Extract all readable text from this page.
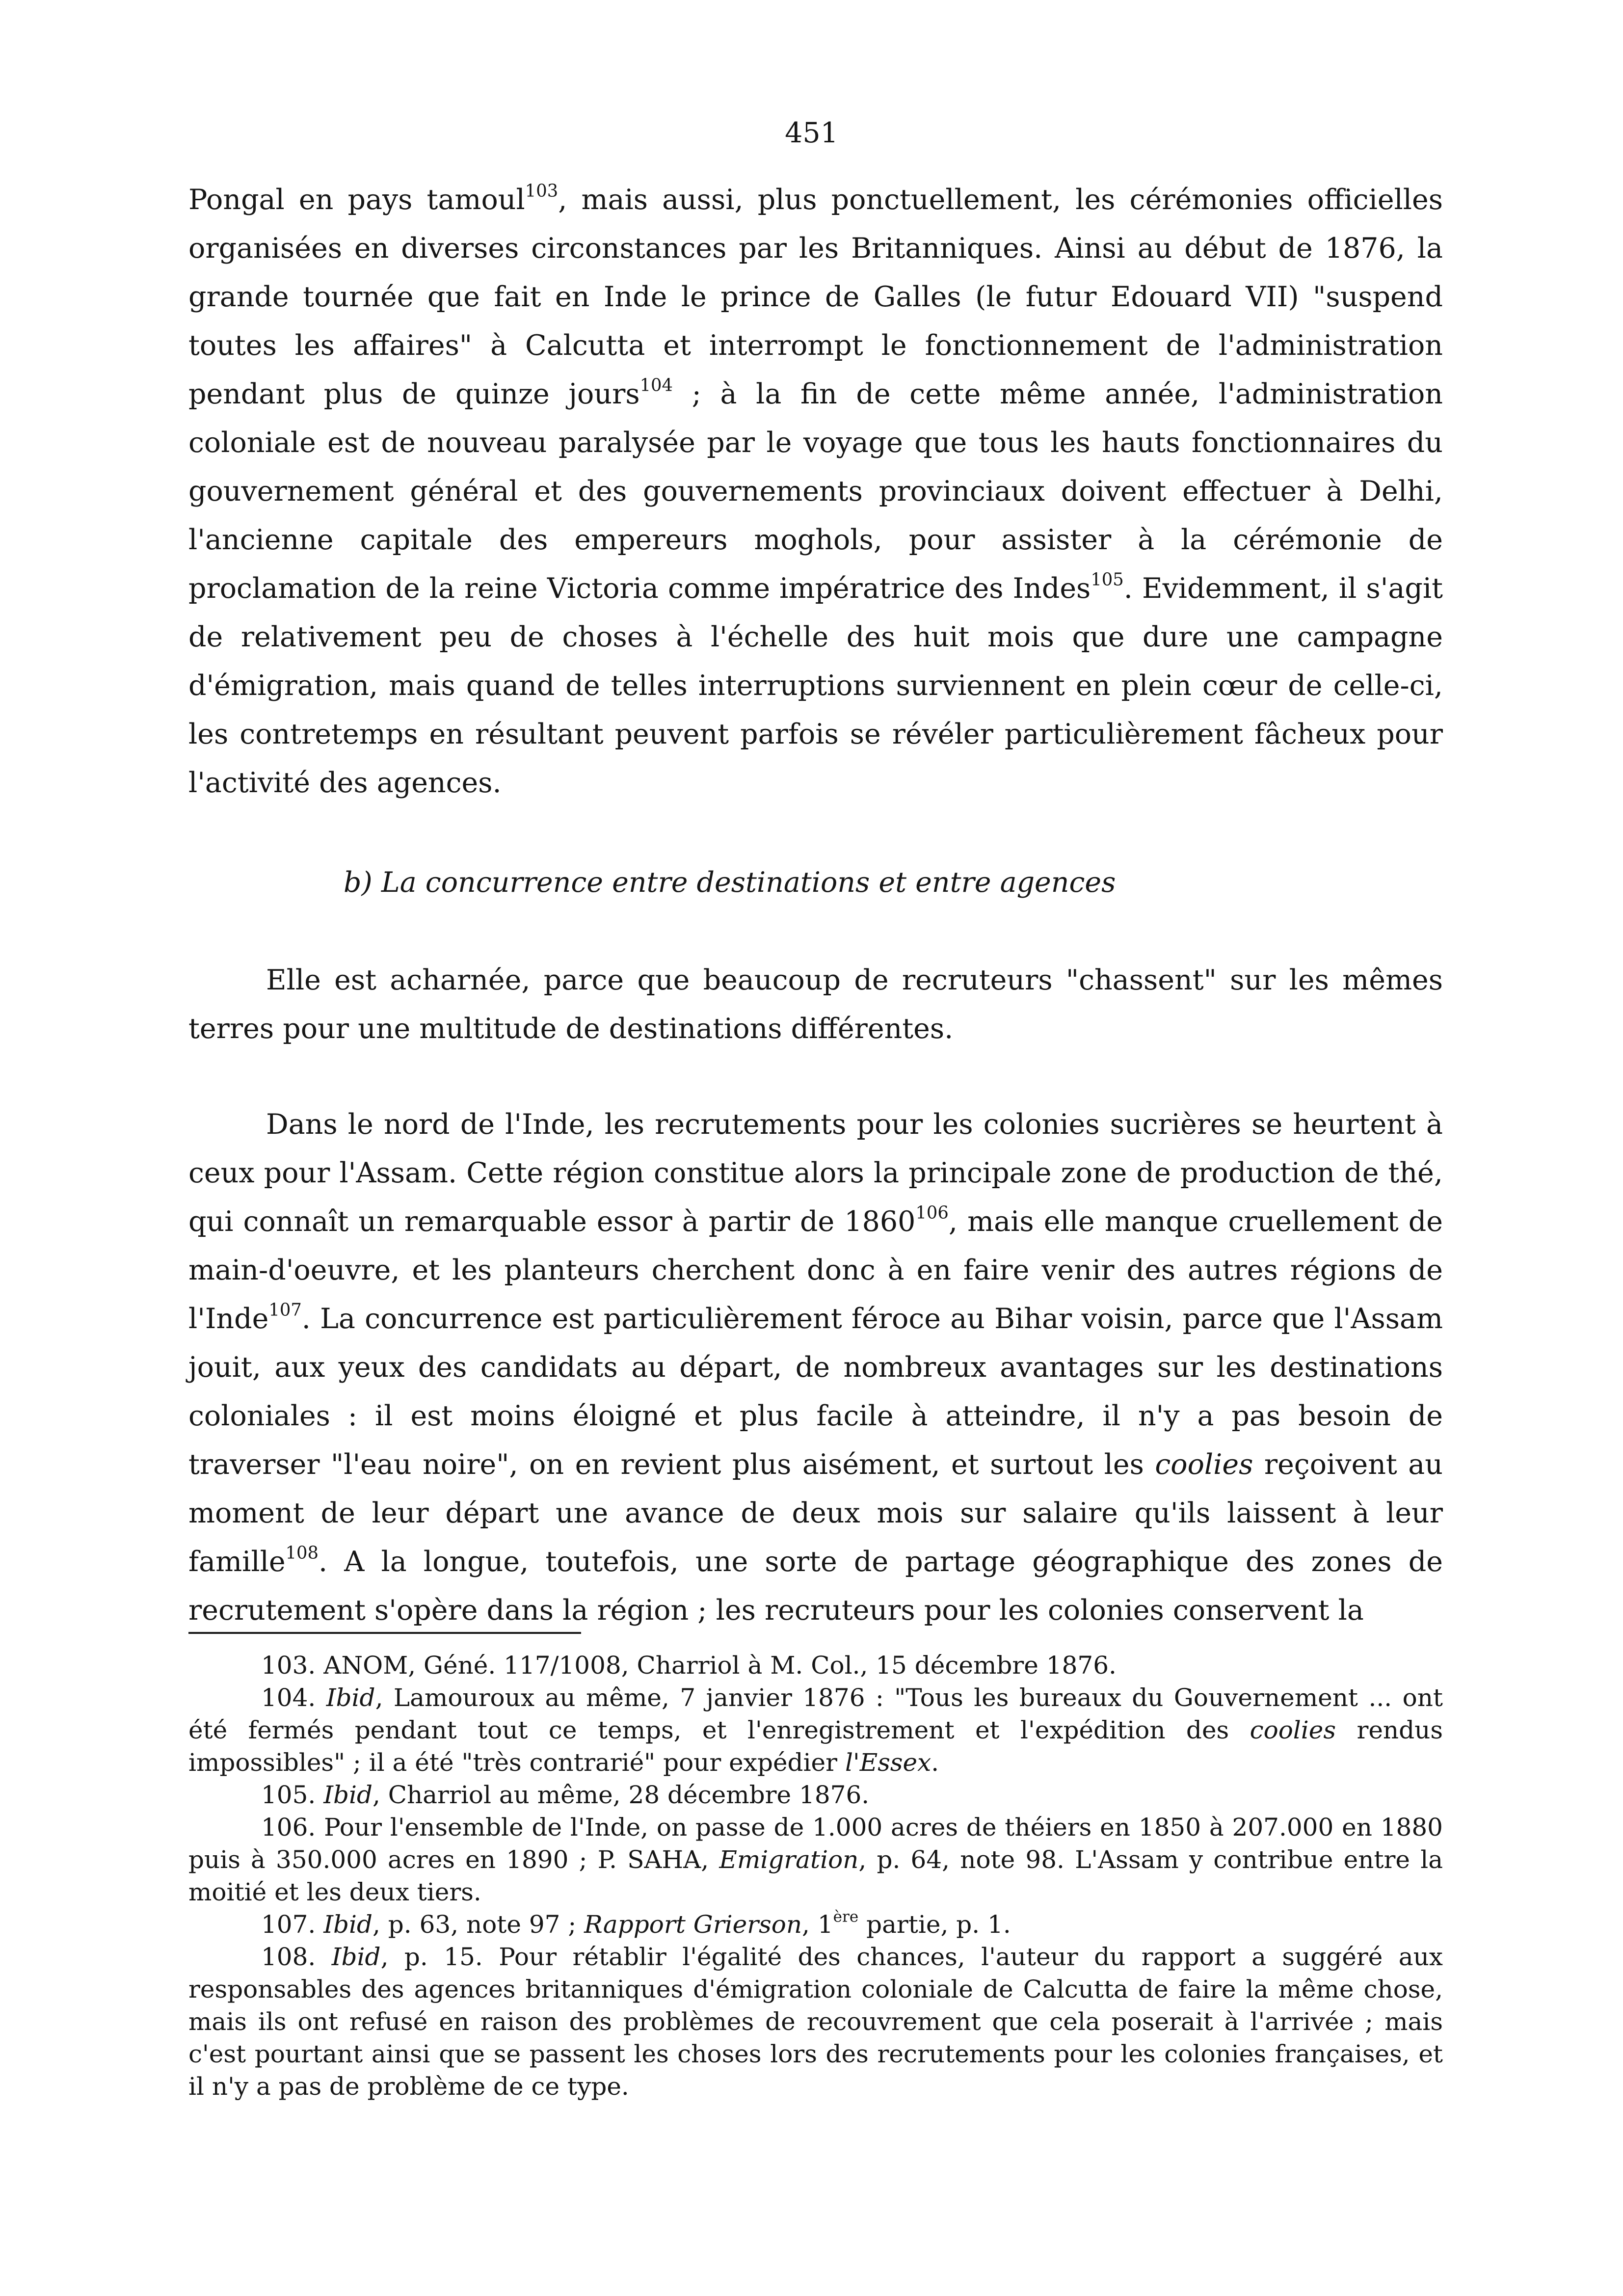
451
Pongal en pays tamoul$^{103}$, mais aussi, plus ponctuellement, les cérémonies officielles organisées en diverses circonstances par les Britanniques. Ainsi au début de 1876, la grande tournée que fait en Inde le prince de Galles (le futur Edouard VII) "suspend toutes les affaires" à Calcutta et interrompt le fonctionnement de l'administration pendant plus de quinze jours$^{104}$ ; à la fin de cette même année, l'administration coloniale est de nouveau paralysée par le voyage que tous les hauts fonctionnaires du gouvernement général et des gouvernements provinciaux doivent effectuer à Delhi, l'ancienne capitale des empereurs moghols, pour assister à la cérémonie de proclamation de la reine Victoria comme impératrice des Indes$^{105}$. Evidemment, il s'agit de relativement peu de choses à l'échelle des huit mois que dure une campagne d'émigration, mais quand de telles interruptions surviennent en plein cœur de celle-ci, les contretemps en résultant peuvent parfois se révéler particulièrement fâcheux pour l'activité des agences.
b) La concurrence entre destinations et entre agences
Elle est acharnée, parce que beaucoup de recruteurs "chassent" sur les mêmes terres pour une multitude de destinations différentes.
Dans le nord de l'Inde, les recrutements pour les colonies sucrières se heurtent à ceux pour l'Assam. Cette région constitue alors la principale zone de production de thé, qui connaît un remarquable essor à partir de 1860$^{106}$, mais elle manque cruellement de main-d'oeuvre, et les planteurs cherchent donc à en faire venir des autres régions de l'Inde$^{107}$. La concurrence est particulièrement féroce au Bihar voisin, parce que l'Assam jouit, aux yeux des candidats au départ, de nombreux avantages sur les destinations coloniales : il est moins éloigné et plus facile à atteindre, il n'y a pas besoin de traverser "l'eau noire", on en revient plus aisément, et surtout les coolies reçoivent au moment de leur départ une avance de deux mois sur salaire qu'ils laissent à leur famille$^{108}$. A la longue, toutefois, une sorte de partage géographique des zones de recrutement s'opère dans la région ; les recruteurs pour les colonies conservent la
103. ANOM, Géné. 117/1008, Charriol à M. Col., 15 décembre 1876.
104. Ibid, Lamouroux au même, 7 janvier 1876 : "Tous les bureaux du Gouvernement ... ont été fermés pendant tout ce temps, et l'enregistrement et l'expédition des coolies rendus impossibles" ; il a été "très contrarié" pour expédier l'Essex.
105. Ibid, Charriol au même, 28 décembre 1876.
106. Pour l'ensemble de l'Inde, on passe de 1.000 acres de théiers en 1850 à 207.000 en 1880 puis à 350.000 acres en 1890 ; P. SAHA, Emigration, p. 64, note 98. L'Assam y contribue entre la moitié et les deux tiers.
107. Ibid, p. 63, note 97 ; Rapport Grierson, 1ère partie, p. 1.
108. Ibid, p. 15. Pour rétablir l'égalité des chances, l'auteur du rapport a suggéré aux responsables des agences britanniques d'émigration coloniale de Calcutta de faire la même chose, mais ils ont refusé en raison des problèmes de recouvrement que cela poserait à l'arrivée ; mais c'est pourtant ainsi que se passent les choses lors des recrutements pour les colonies françaises, et il n'y a pas de problème de ce type.
